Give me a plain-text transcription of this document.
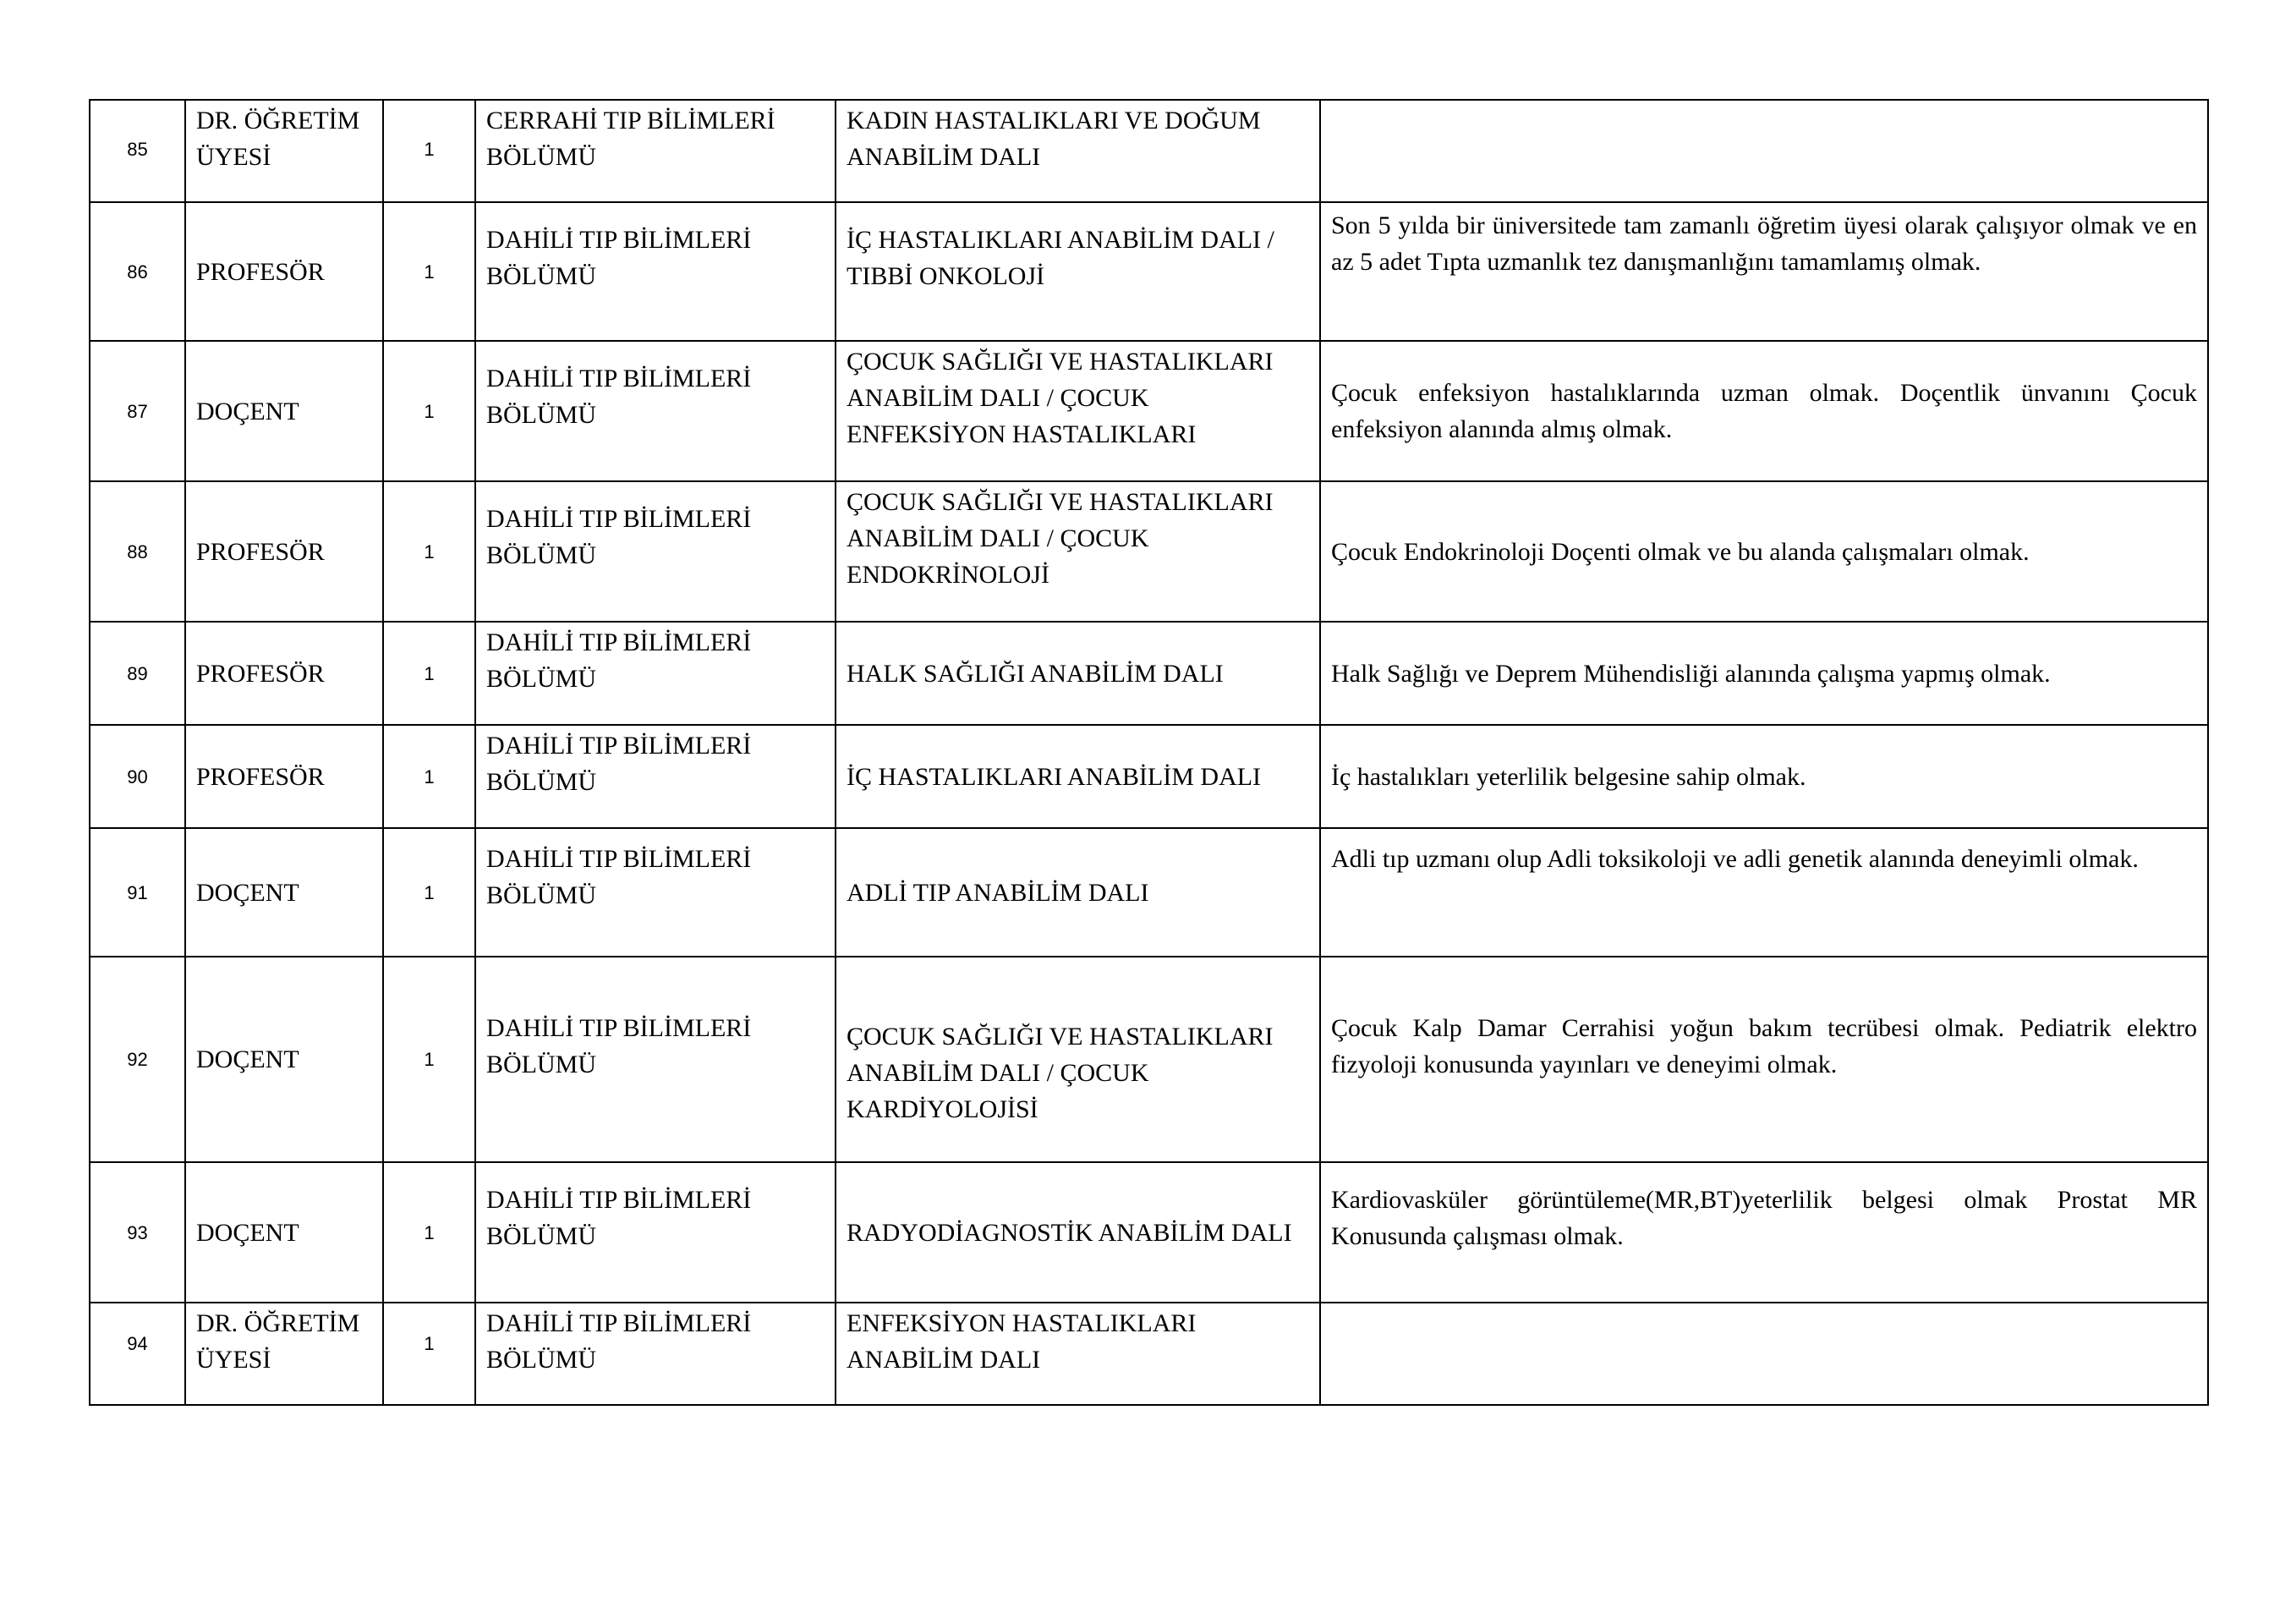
85	DR. ÖĞRETİM ÜYESİ	1	CERRAHİ TIP BİLİMLERİ BÖLÜMÜ	KADIN HASTALIKLARI VE DOĞUM ANABİLİM DALI	
86	PROFESÖR	1	DAHİLİ TIP BİLİMLERİ BÖLÜMÜ	İÇ HASTALIKLARI ANABİLİM DALI / TIBBİ ONKOLOJİ	Son 5 yılda bir üniversitede tam zamanlı öğretim üyesi olarak çalışıyor olmak ve en az 5 adet Tıpta uzmanlık tez danışmanlığını tamamlamış olmak.

87	DOÇENT	1	DAHİLİ TIP BİLİMLERİ BÖLÜMÜ	ÇOCUK SAĞLIĞI VE HASTALIKLARI ANABİLİM DALI / ÇOCUK ENFEKSİYON HASTALIKLARI	Çocuk enfeksiyon hastalıklarında uzman olmak. Doçentlik ünvanını Çocuk enfeksiyon alanında almış olmak.
88	PROFESÖR	1	DAHİLİ TIP BİLİMLERİ BÖLÜMÜ	ÇOCUK SAĞLIĞI VE HASTALIKLARI ANABİLİM DALI / ÇOCUK ENDOKRİNOLOJİ	Çocuk Endokrinoloji Doçenti olmak ve bu alanda çalışmaları olmak.
89	PROFESÖR	1	DAHİLİ TIP BİLİMLERİ BÖLÜMÜ	HALK SAĞLIĞI ANABİLİM DALI	Halk Sağlığı ve Deprem Mühendisliği alanında çalışma yapmış olmak.
90	PROFESÖR	1	DAHİLİ TIP BİLİMLERİ BÖLÜMÜ	İÇ HASTALIKLARI ANABİLİM DALI	İç hastalıkları yeterlilik belgesine sahip olmak.
91	DOÇENT	1	DAHİLİ TIP BİLİMLERİ BÖLÜMÜ	ADLİ TIP ANABİLİM DALI	Adli tıp uzmanı olup Adli toksikoloji ve adli genetik alanında deneyimli olmak.

92	DOÇENT	1	DAHİLİ TIP BİLİMLERİ BÖLÜMÜ	ÇOCUK SAĞLIĞI VE HASTALIKLARI ANABİLİM DALI / ÇOCUK KARDİYOLOJİSİ	Çocuk Kalp Damar Cerrahisi yoğun bakım tecrübesi olmak. Pediatrik elektro fizyoloji konusunda yayınları ve deneyimi olmak.

93	DOÇENT	1	DAHİLİ TIP BİLİMLERİ BÖLÜMÜ	RADYODİAGNOSTİK ANABİLİM DALI	Kardiovasküler görüntüleme(MR,BT)yeterlilik belgesi olmak Prostat MR Konusunda çalışması olmak.

94	DR. ÖĞRETİM ÜYESİ	1	DAHİLİ TIP BİLİMLERİ BÖLÜMÜ	ENFEKSİYON HASTALIKLARI ANABİLİM DALI	
